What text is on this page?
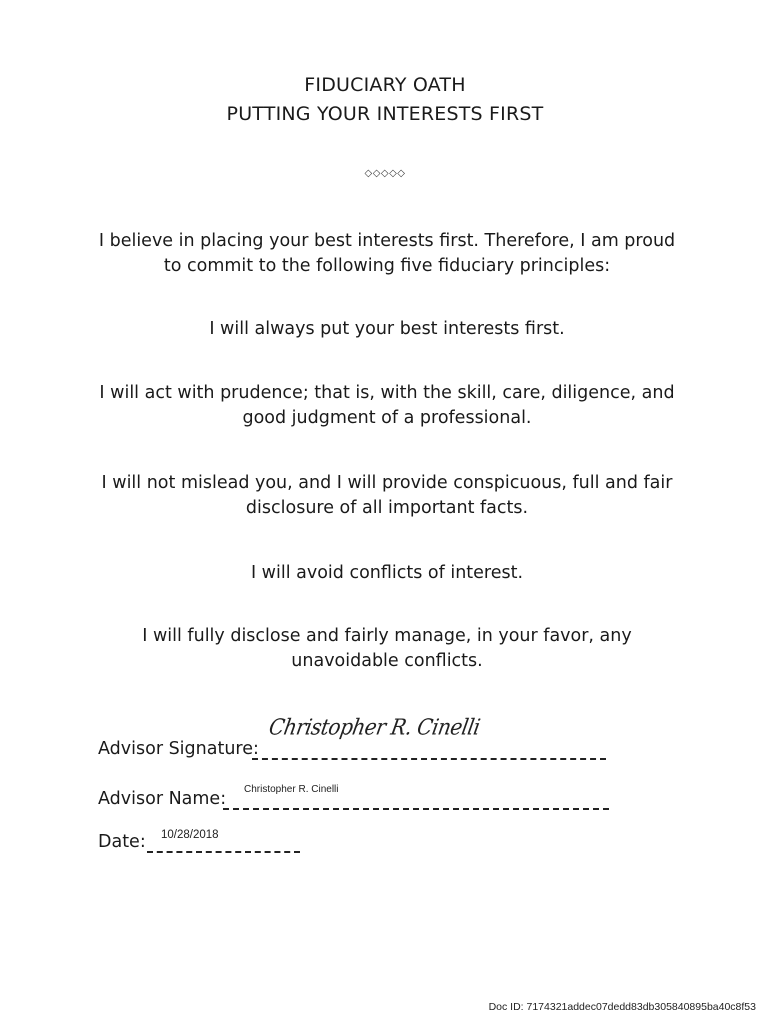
FIDUCIARY OATH
PUTTING YOUR INTERESTS FIRST
◇◇◇◇◇
I believe in placing your best interests first. Therefore, I am proud to commit to the following five fiduciary principles:
I will always put your best interests first.
I will act with prudence; that is, with the skill, care, diligence, and good judgment of a professional.
I will not mislead you, and I will provide conspicuous, full and fair disclosure of all important facts.
I will avoid conflicts of interest.
I will fully disclose and fairly manage, in your favor, any unavoidable conflicts.
Advisor Signature:
Christopher R. Cinelli
Christopher R. Cinelli
Advisor Name:
10/28/2018
Date:
Doc ID: 7174321addec07dedd83db305840895ba40c8f53
